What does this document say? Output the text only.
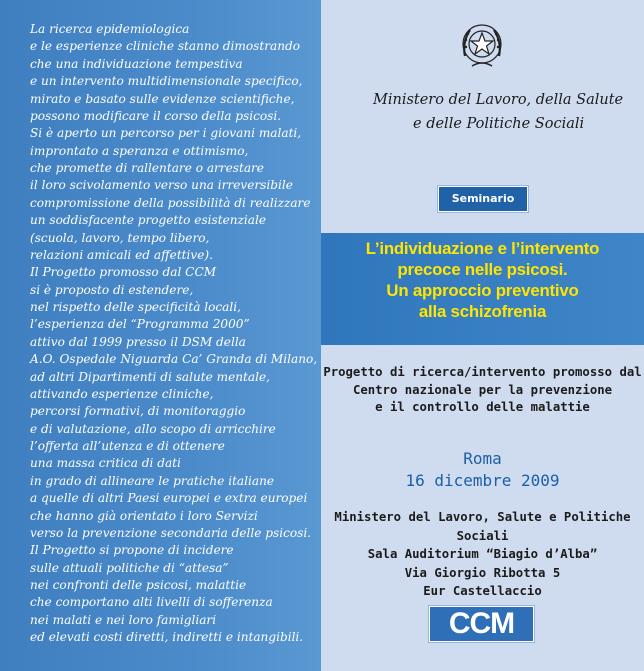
La ricerca epidemiologica
e le esperienze cliniche stanno dimostrando
che una individuazione tempestiva
e un intervento multidimensionale specifico,
mirato e basato sulle evidenze scientifiche,
possono modificare il corso della psicosi.
Si è aperto un percorso per i giovani malati,
improntato a speranza e ottimismo,
che promette di rallentare o arrestare
il loro scivolamento verso una irreversibile
compromissione della possibilità di realizzare
un soddisfacente progetto esistenziale
(scuola, lavoro, tempo libero,
relazioni amicali ed affettive).
Il Progetto promosso dal CCM
si è proposto di estendere,
nel rispetto delle specificità locali,
l’esperienza del “Programma 2000”
attivo dal 1999 presso il DSM della
A.O. Ospedale Niguarda Ca’ Granda di Milano,
ad altri Dipartimenti di salute mentale,
attivando esperienze cliniche,
percorsi formativi, di monitoraggio
e di valutazione, allo scopo di arricchire
l’offerta all’utenza e di ottenere
una massa critica di dati
in grado di allineare le pratiche italiane
a quelle di altri Paesi europei e extra europei
che hanno già orientato i loro Servizi
verso la prevenzione secondaria delle psicosi.
Il Progetto si propone di incidere
sulle attuali politiche di “attesa”
nei confronti delle psicosi, malattie
che comportano alti livelli di sofferenza
nei malati e nei loro famigliari
ed elevati costi diretti, indiretti e intangibili.
Ministero del Lavoro, della Salute
e delle Politiche Sociali
Seminario
L’individuazione e l’intervento
precoce nelle psicosi.
Un approccio preventivo
alla schizofrenia
Progetto di ricerca/intervento promosso dal
Centro nazionale per la prevenzione
e il controllo delle malattie
Roma
16 dicembre 2009
Ministero del Lavoro, Salute e Politiche Sociali
Sala Auditorium “Biagio d’Alba”
Via Giorgio Ribotta 5
Eur Castellaccio
CCM
